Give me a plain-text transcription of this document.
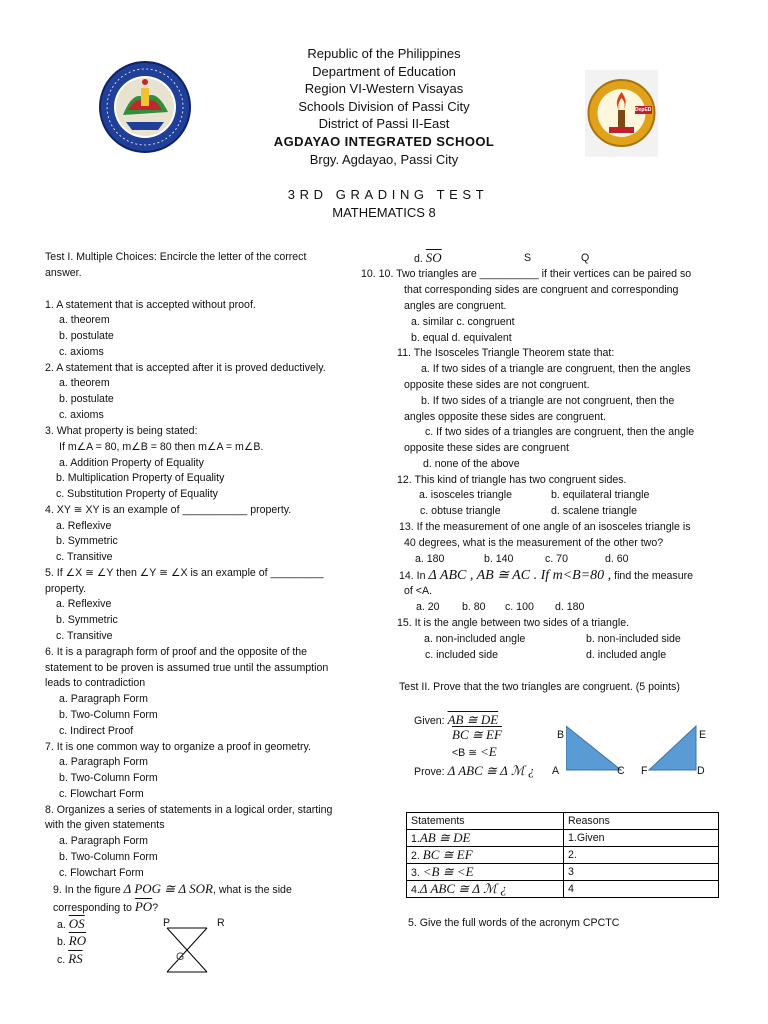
Republic of the Philippines
Department of Education
Region VI-Western Visayas
Schools Division of Passi City
District of Passi II-East
AGDAYAO INTEGRATED SCHOOL
Brgy. Agdayao, Passi City
3RD GRADING TEST
MATHEMATICS 8
DepED
Test I. Multiple Choices: Encircle the letter of the correct
answer.
1. A statement that is accepted without proof.
a. theorem
b. postulate
c. axioms
2. A statement that is accepted after it is proved deductively.
a. theorem
b. postulate
c. axioms
3. What property is being stated:
If m∠A = 80, m∠B = 80 then m∠A = m∠B.
a. Addition Property of Equality
b. Multiplication Property of Equality
c. Substitution Property of Equality
4. XY ≅ XY is an example of ___________ property.
a. Reflexive
b. Symmetric
c. Transitive
5. If ∠X ≅ ∠Y then ∠Y ≅ ∠X is an example of _________
property.
a. Reflexive
b. Symmetric
c. Transitive
6. It is a paragraph form of proof and the opposite of the
statement to be proven is assumed true until the assumption
leads to contradiction
a. Paragraph Form
b. Two-Column Form
c. Indirect Proof
7. It is one common way to organize a proof in geometry.
a. Paragraph Form
b. Two-Column Form
c. Flowchart Form
8. Organizes a series of statements in a logical order, starting
with the given statements
a. Paragraph Form
b. Two-Column Form
c. Flowchart Form
9. In the figure Δ POG ≅ Δ SOR, what is the side
corresponding to $\overline{PO}$?
a. $\overline{OS}$
b. $\overline{RO}$
c. $\overline{RS}$
P	R
G
d. $\overline{SO}$	S	Q
10. 10. Two triangles are __________ if their vertices can be paired so
that corresponding sides are congruent and corresponding
angles are congruent.
a. similar c. congruent
b. equal d. equivalent
11. The Isosceles Triangle Theorem state that:
a. If two sides of a triangle are congruent, then the angles
opposite these sides are not congruent.
b. If two sides of a triangle are not congruent, then the
angles opposite these sides are congruent.
c. If two sides of a triangles are congruent, then the angle
opposite these sides are congruent
d. none of the above
12. This kind of triangle has two congruent sides.
a. isosceles triangle	b. equilateral triangle
c. obtuse triangle	d. scalene triangle
13. If the measurement of one angle of an isosceles triangle is
40 degrees, what is the measurement of the other two?
a. 180	b. 140	c. 70	d. 60
14. In Δ ABC , AB ≅ AC . If m<B=80 , find the measure
of <A.
a. 20 b. 80 c. 100 d. 180
15. It is the angle between two sides of a triangle.
a. non-included angle	b. non-included side
c. included side	d. included angle
Test II. Prove that the two triangles are congruent. (5 points)
Given: AB ≅ DE
BC ≅ EF
<B ≅ <E
Prove: Δ ABC ≅ Δ ℳ ¿
B
A	C
E
F	D
Statements	Reasons
1.AB ≅ DE	1.Given
2. BC ≅ EF	2.
3. <B ≅ <E	3
4.Δ ABC ≅ Δ ℳ ¿	4
5. Give the full words of the acronym CPCTC
